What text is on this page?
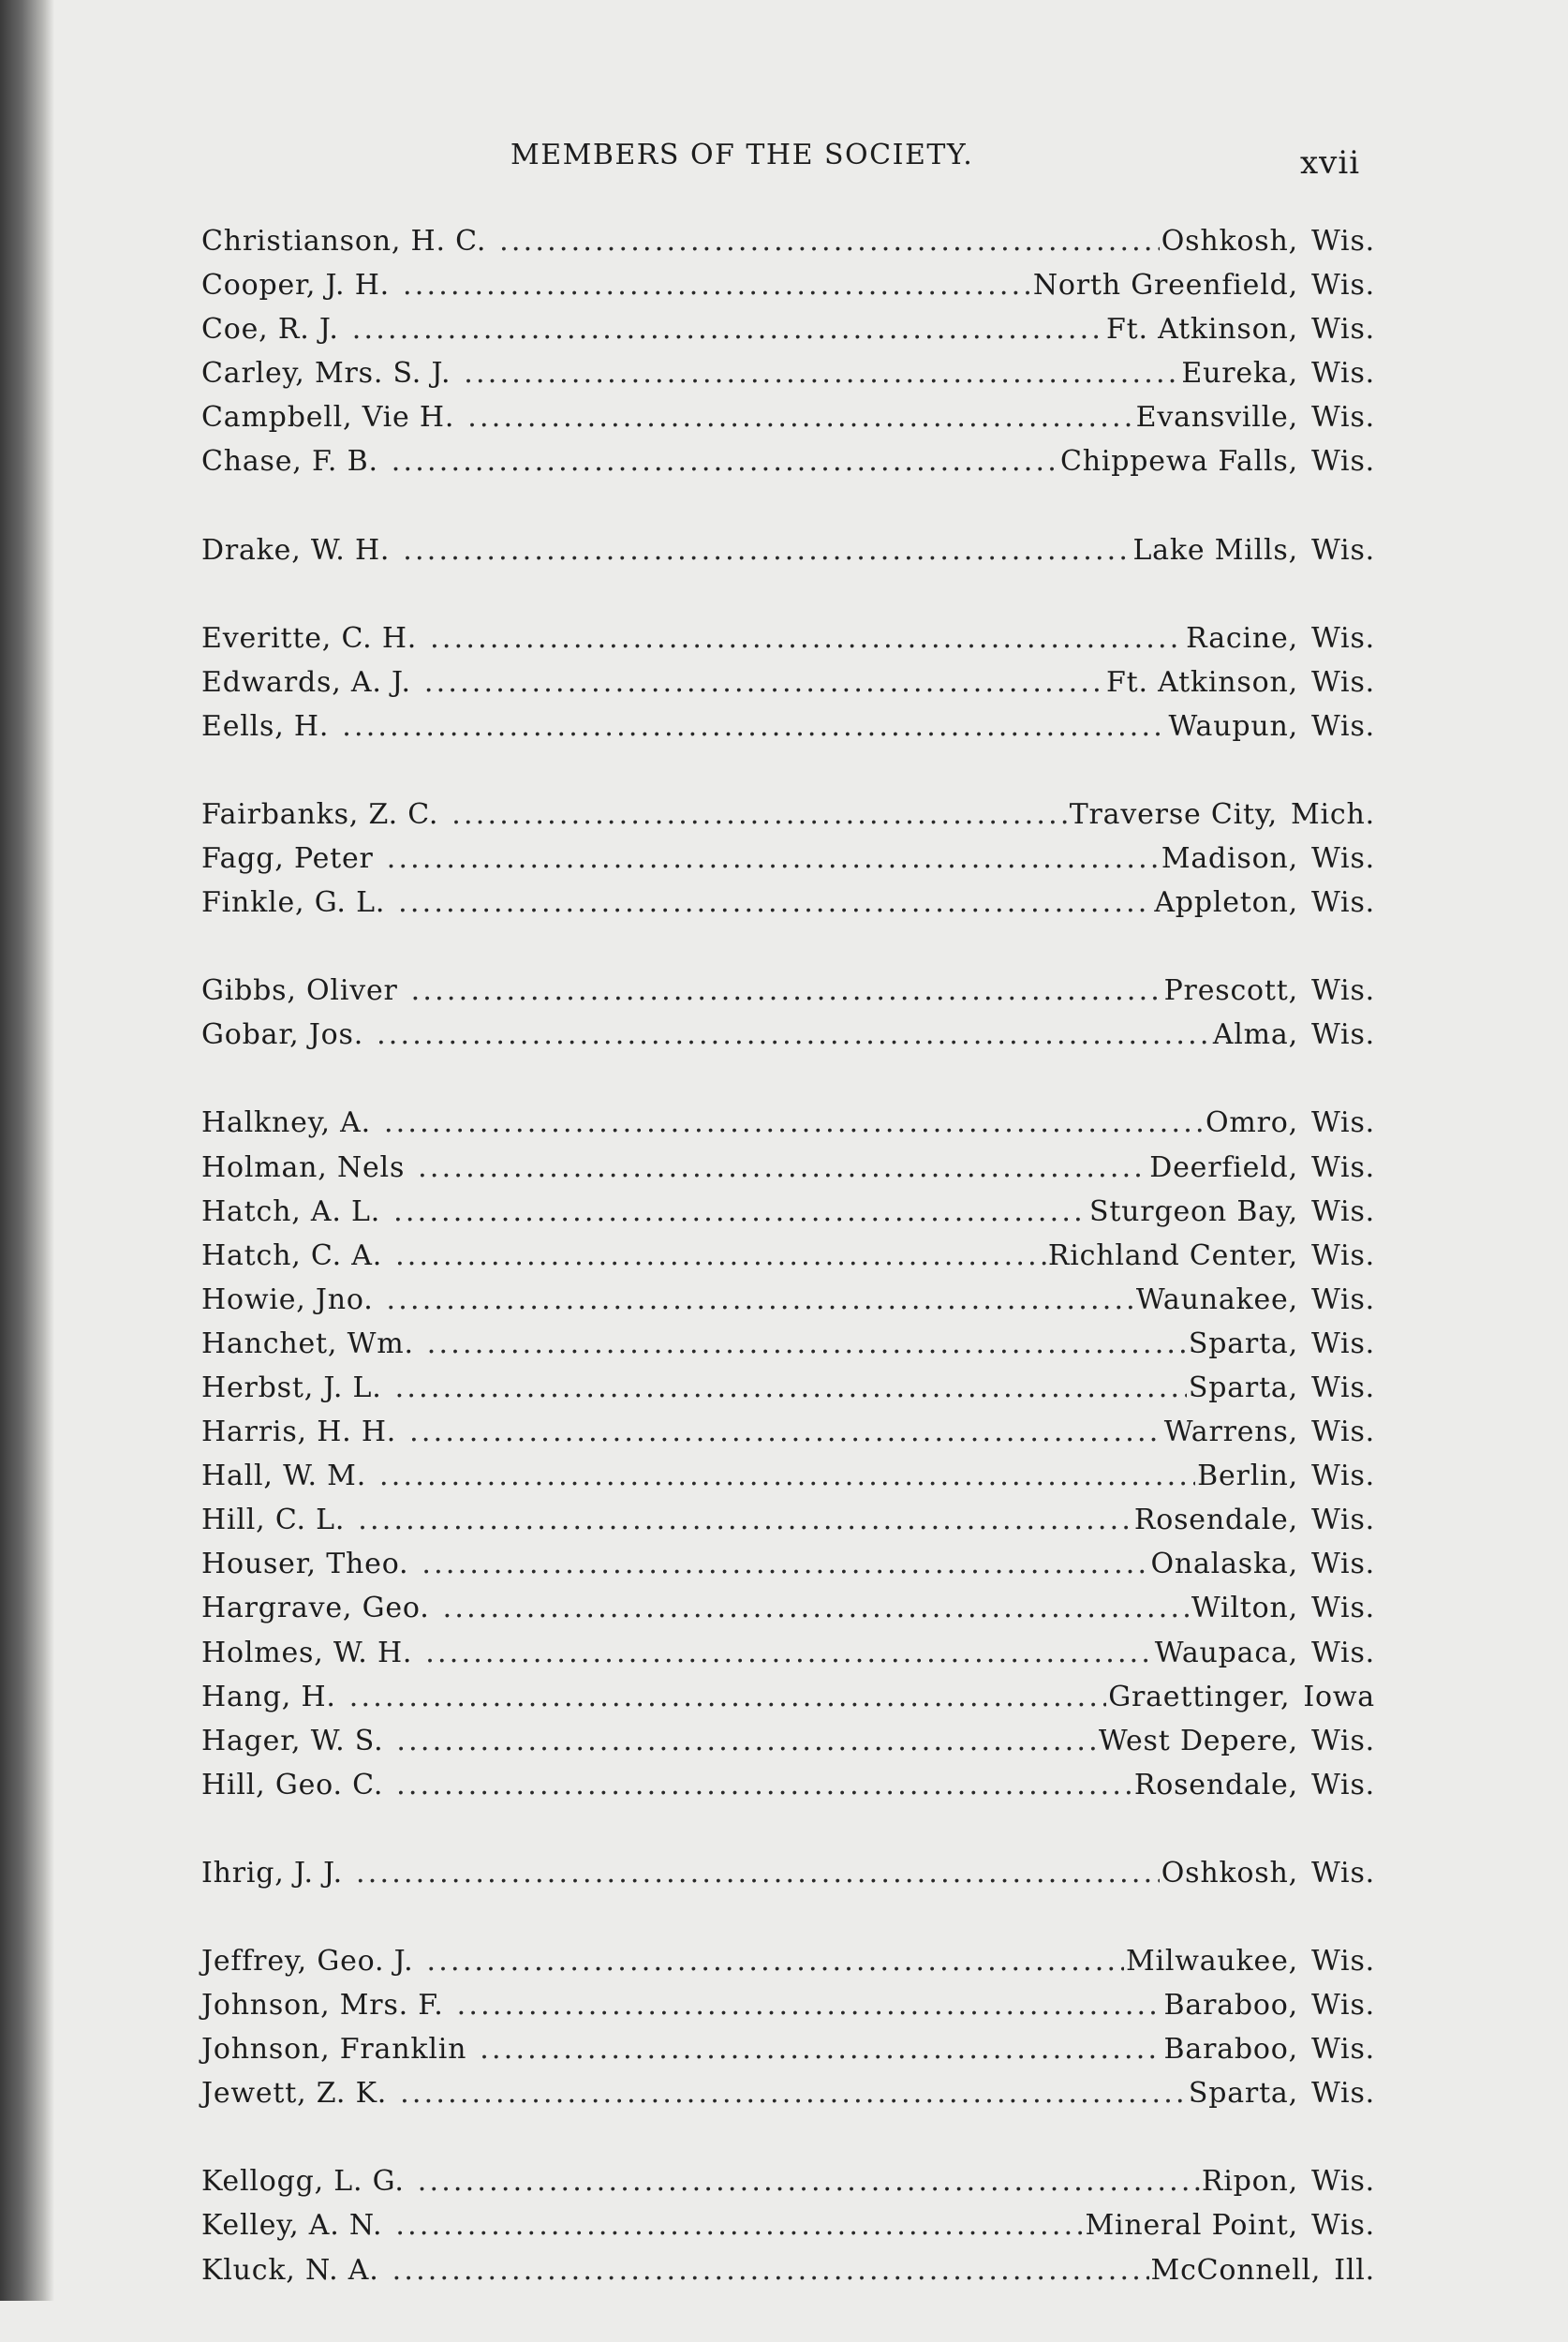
MEMBERS OF THE SOCIETY.	xvii
Christianson, H. C. .....	Oshkosh, Wis.
Cooper, J. H. .....	North Greenfield, Wis.
Coe, R. J. .....	Ft. Atkinson, Wis.
Carley, Mrs. S. J. .....	Eureka, Wis.
Campbell, Vie H. .....	Evansville, Wis.
Chase, F. B. .....	Chippewa Falls, Wis.
Drake, W. H. .....	Lake Mills, Wis.
Everitte, C. H. .....	Racine, Wis.
Edwards, A. J. .....	Ft. Atkinson, Wis.
Eells, H. .....	Waupun, Wis.
Fairbanks, Z. C. .....	Traverse City, Mich.
Fagg, Peter .....	Madison, Wis.
Finkle, G. L. .....	Appleton, Wis.
Gibbs, Oliver .....	Prescott, Wis.
Gobar, Jos. .....	Alma, Wis.
Halkney, A. .....	Omro, Wis.
Holman, Nels .....	Deerfield, Wis.
Hatch, A. L. .....	Sturgeon Bay, Wis.
Hatch, C. A. .....	Richland Center, Wis.
Howie, Jno. .....	Waunakee, Wis.
Hanchet, Wm. .....	Sparta, Wis.
Herbst, J. L. .....	Sparta, Wis.
Harris, H. H. .....	Warrens, Wis.
Hall, W. M. .....	Berlin, Wis.
Hill, C. L. .....	Rosendale, Wis.
Houser, Theo. .....	Onalaska, Wis.
Hargrave, Geo. .....	Wilton, Wis.
Holmes, W. H. .....	Waupaca, Wis.
Hang, H. .....	Graettinger, Iowa
Hager, W. S. .....	West Depere, Wis.
Hill, Geo. C. .....	Rosendale, Wis.
Ihrig, J. J. .....	Oshkosh, Wis.
Jeffrey, Geo. J. .....	Milwaukee, Wis.
Johnson, Mrs. F. .....	Baraboo, Wis.
Johnson, Franklin .....	Baraboo, Wis.
Jewett, Z. K. .....	Sparta, Wis.
Kellogg, L. G. .....	Ripon, Wis.
Kelley, A. N. .....	Mineral Point, Wis.
Kluck, N. A. .....	McConnell, Ill.
